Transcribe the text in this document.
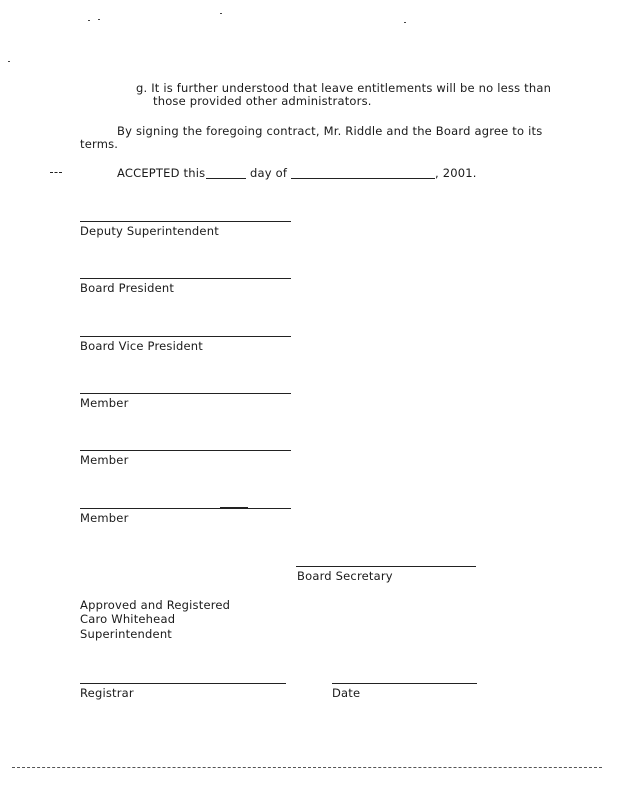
g. It is further understood that leave entitlements will be no less than
those provided other administrators.
By signing the foregoing contract, Mr. Riddle and the Board agree to its
terms.
ACCEPTED this	day of	, 2001.
Deputy Superintendent
Board President
Board Vice President
Member
Member
Member
Board Secretary
Approved and Registered
Caro Whitehead
Superintendent
Registrar	Date
